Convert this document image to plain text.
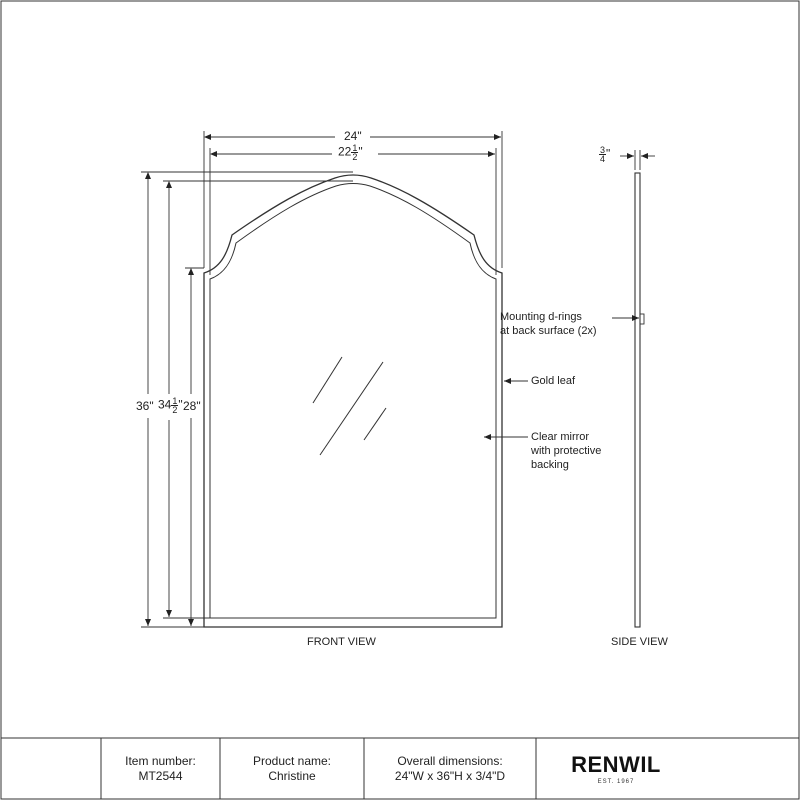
24"
$22 \frac{1}{2}$ "
36" $34 \frac{1}{2}$ " 28"
$\frac{3}{4}$ "
Gold leaf
Clear mirror
with protective
backing
Mounting d-rings
at back surface (2x)
FRONT VIEW	SIDE VIEW
Item number:
MT2544
Product name:
Christine
Overall dimensions:
24"W x 36"H x 3/4"D	RENWIL
EST. 1967
